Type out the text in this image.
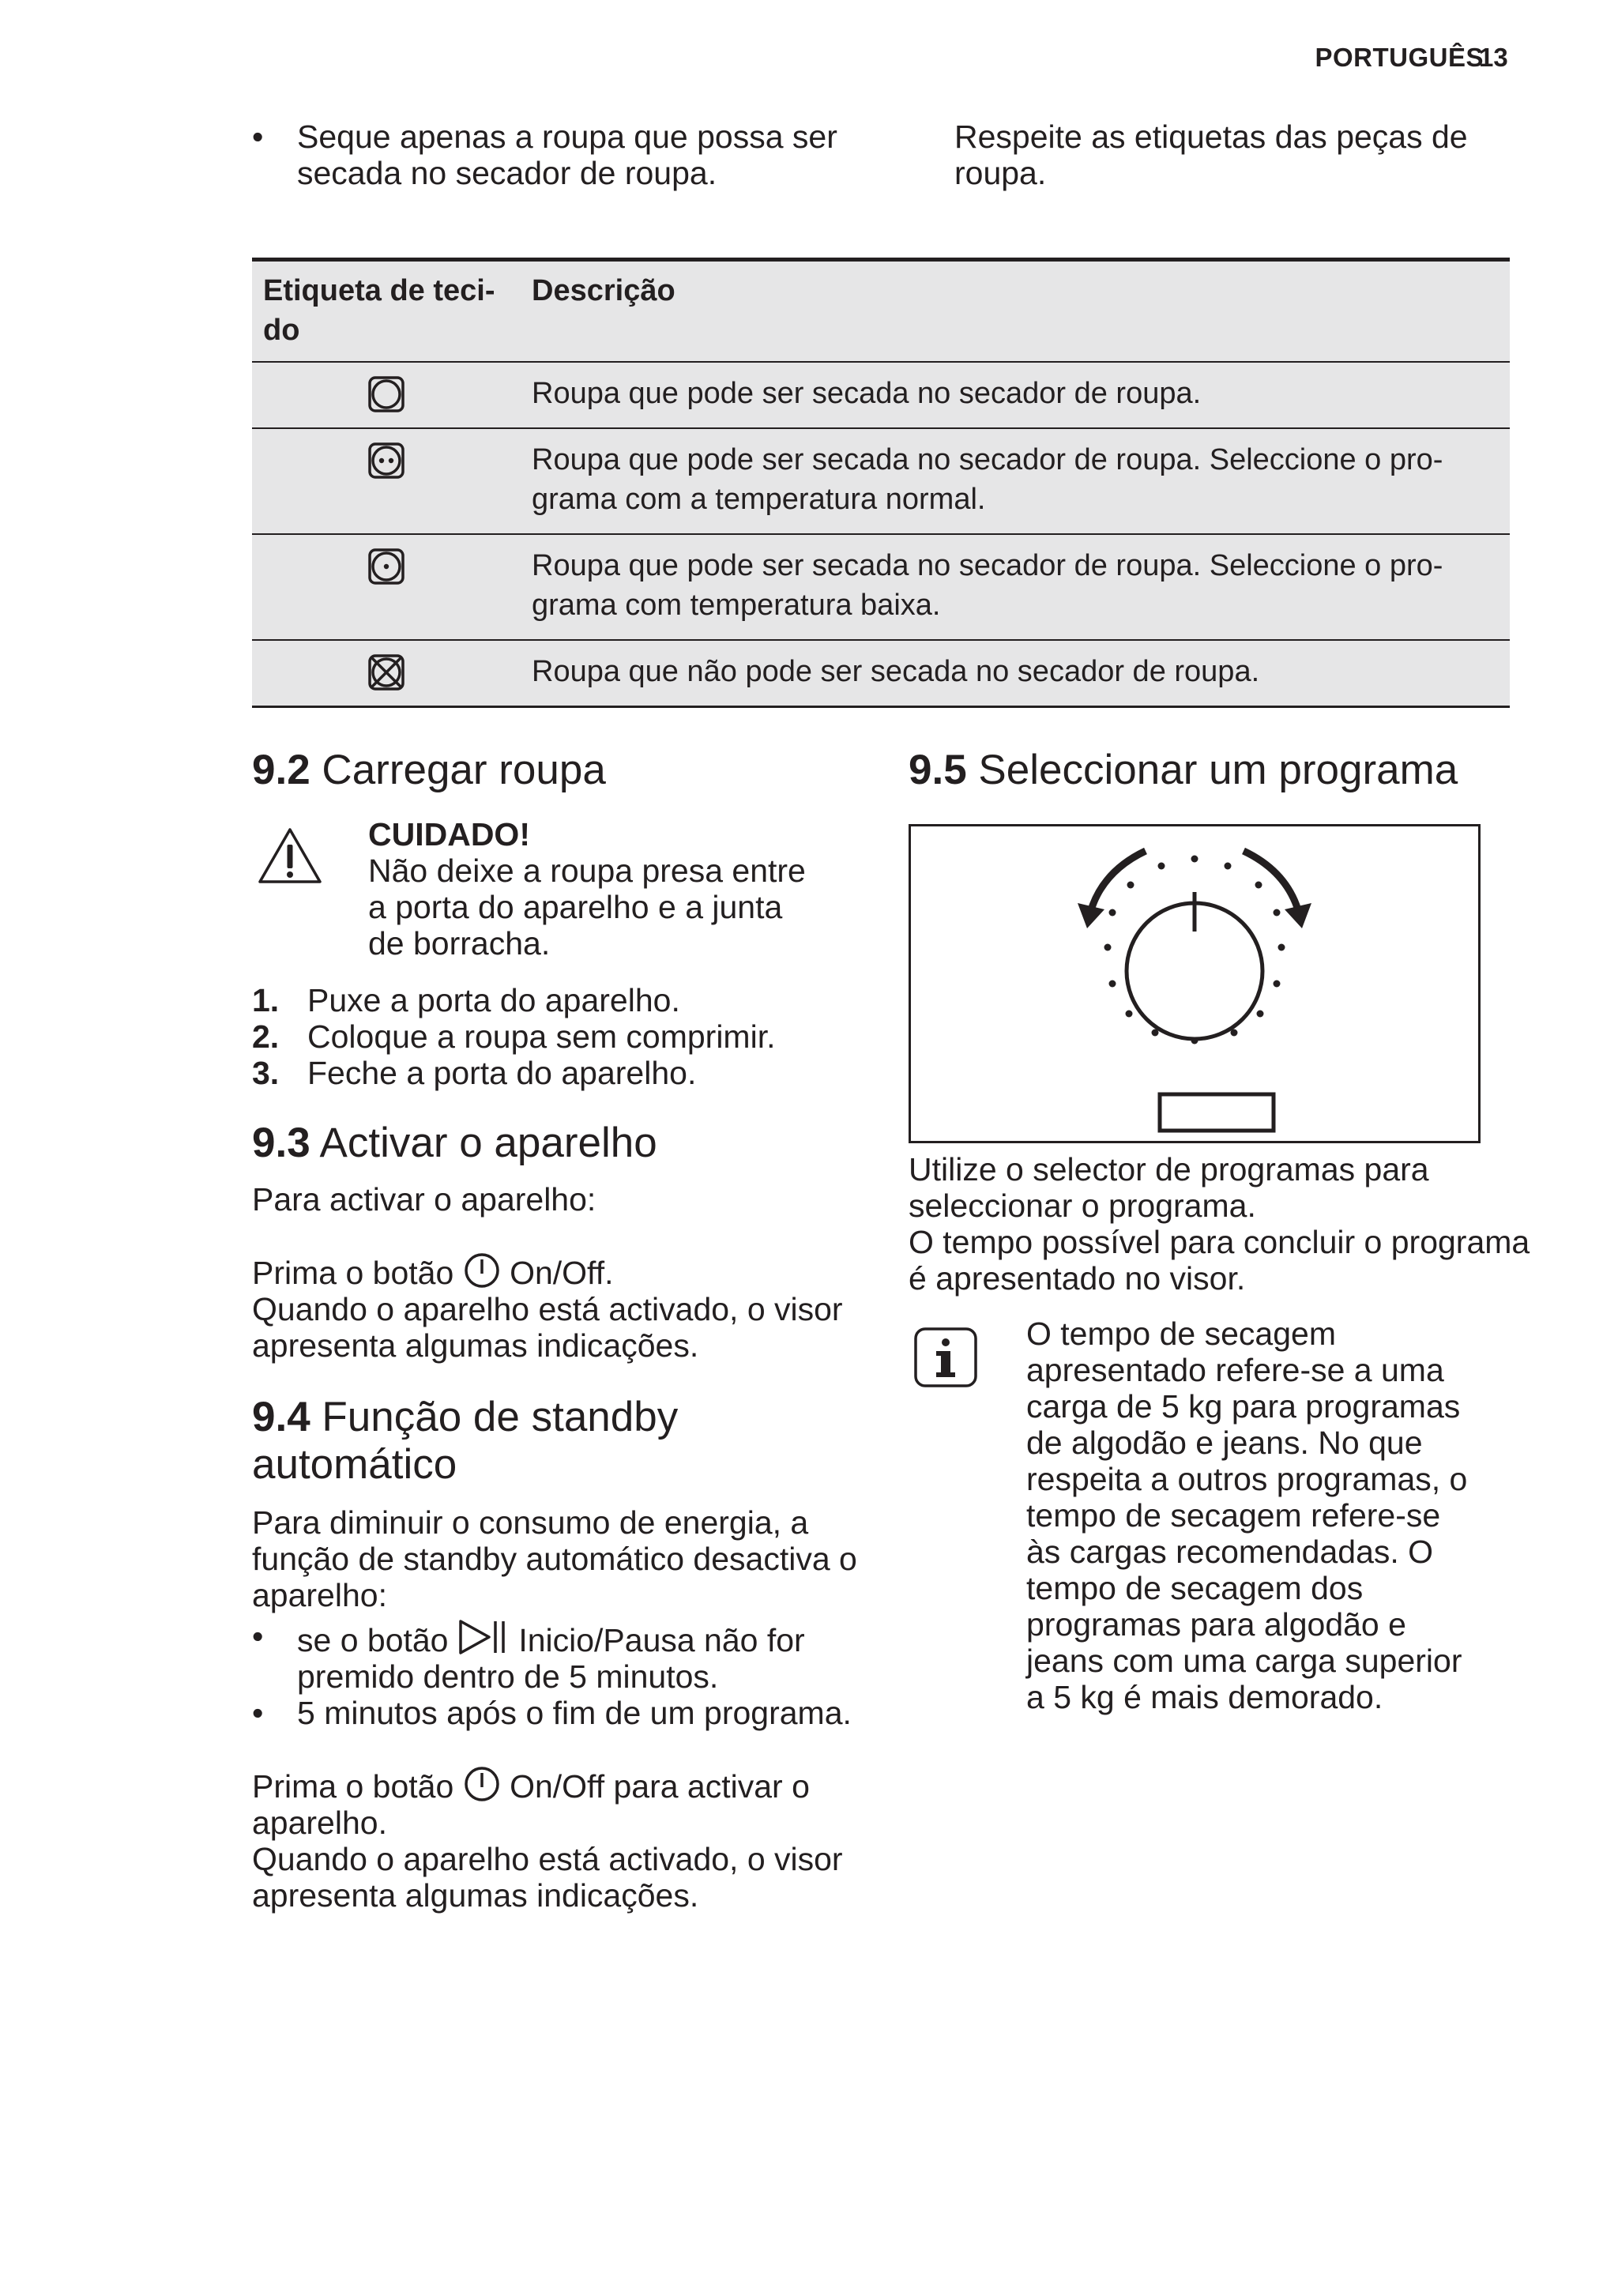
PORTUGUÊS
13
• Seque apenas a roupa que possa ser secada no secador de roupa.
Respeite as etiquetas das peças de roupa.
Etiqueta de teci-do	Descrição

	Roupa que pode ser secada no secador de roupa.

	Roupa que pode ser secada no secador de roupa. Seleccione o pro-grama com a temperatura normal.

	Roupa que pode ser secada no secador de roupa. Seleccione o pro-grama com temperatura baixa.

	Roupa que não pode ser secada no secador de roupa.
9.2 Carregar roupa

CUIDADO!

Não deixe a roupa presa entre a porta do aparelho e a junta de borracha.

1. Puxe a porta do aparelho.
2. Coloque a roupa sem comprimir.
3. Feche a porta do aparelho.
9.3 Activar o aparelho

Para activar o aparelho:

Prima o botão On/Off.

Quando o aparelho está activado, o visor apresenta algumas indicações.

9.4 Função de standby automático

Para diminuir o consumo de energia, a função de standby automático desactiva o aparelho:

• se o botão Inicio/Pausa não for premido dentro de 5 minutos.
• 5 minutos após o fim de um programa.

Prima o botão On/Off para activar o aparelho.

Quando o aparelho está activado, o visor apresenta algumas indicações.

9.5 Seleccionar um programa

Utilize o selector de programas para seleccionar o programa.

O tempo possível para concluir o programa é apresentado no visor.

O tempo de secagem apresentado refere-se a uma carga de 5 kg para programas de algodão e jeans. No que respeita a outros programas, o tempo de secagem refere-se às cargas recomendadas. O tempo de secagem dos programas para algodão e jeans com uma carga superior a 5 kg é mais demorado.
